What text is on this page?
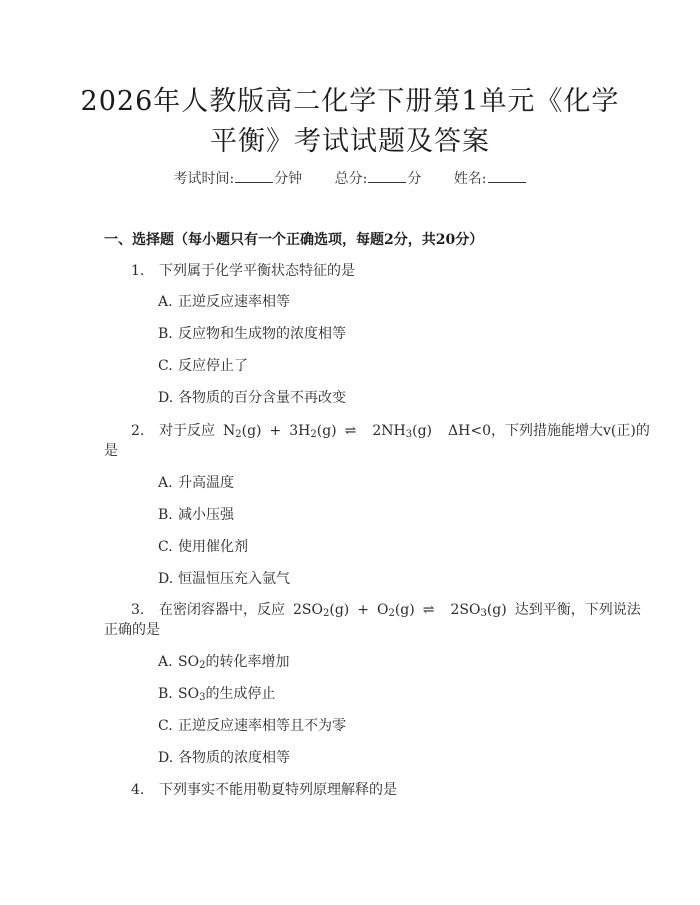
2026年人教版高二化学下册第1单元《化学
平衡》考试试题及答案
考试时间:	分钟 总分:	分 姓名:
一、选择题（每小题只有一个正确选项，每题2分，共20分）
1. 下列属于化学平衡状态特征的是
A. 正逆反应速率相等
B. 反应物和生成物的浓度相等
C. 反应停止了
D. 各物质的百分含量不再改变
2. 对于反应 $N_2(g) + 3H_2(g)$ ⇌ $2NH_3(g)$ ΔH<0，下列措施能增大v(正)的
是
A. 升高温度
B. 减小压强
C. 使用催化剂
D. 恒温恒压充入氩气
3. 在密闭容器中，反应 $2SO_2(g) + O_2(g)$ ⇌ $2SO_3(g)$ 达到平衡，下列说法
正确的是
A. $SO_2$的转化率增加
B. $SO_3$的生成停止
C. 正逆反应速率相等且不为零
D. 各物质的浓度相等
4. 下列事实不能用勒夏特列原理解释的是
